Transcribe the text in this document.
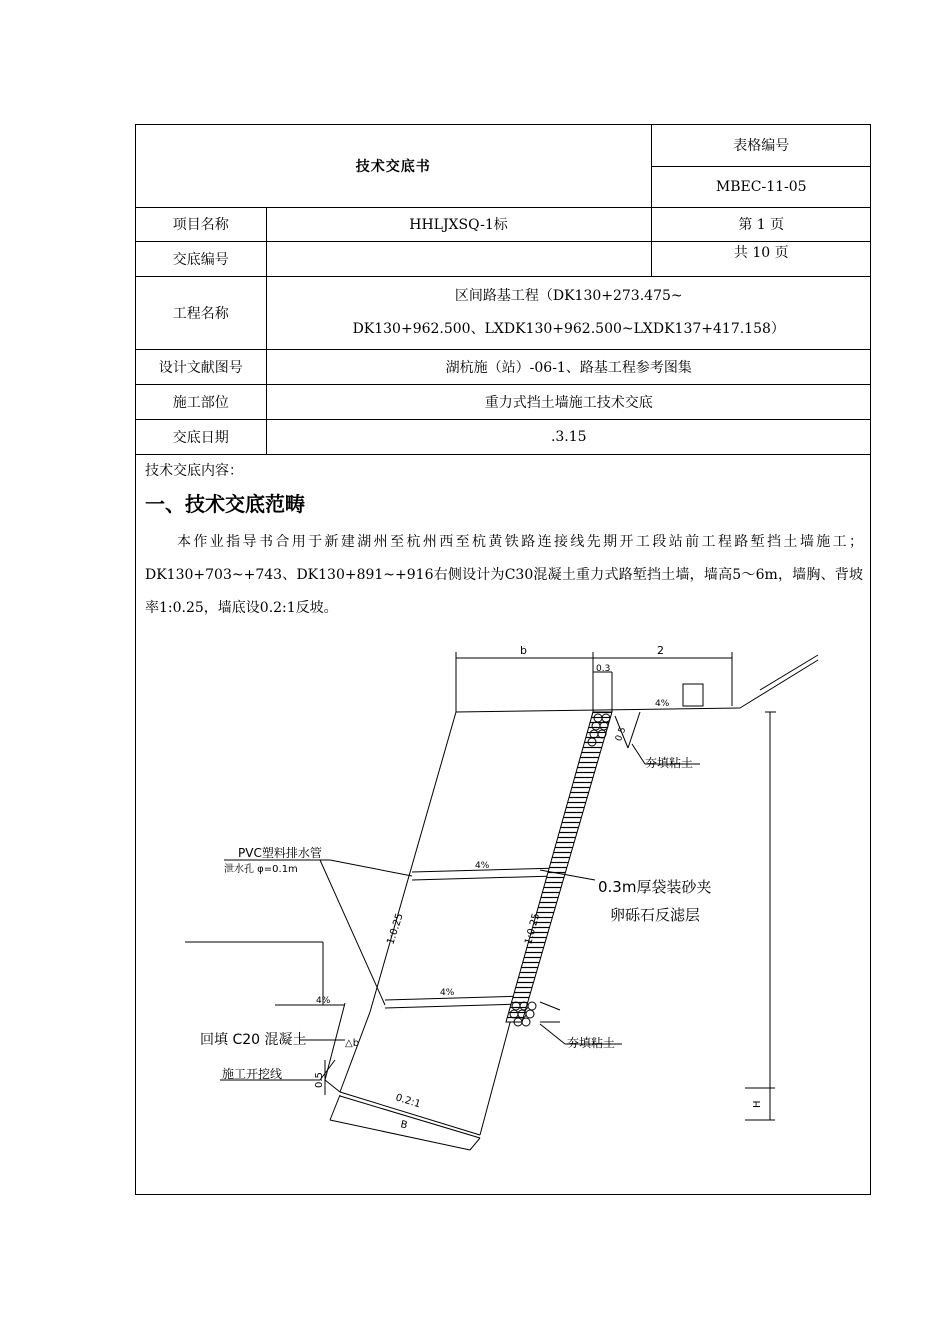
技术交底书		表格编号
		MBEC-11-05
项目名称	HHLJXSQ-1标	第 1 页
交底编号		共 10 页
工程名称	区间路基工程（DK130+273.475~
DK130+962.500、LXDK130+962.500~LXDK137+417.158）	

设计文献图号	湖杭施（站）-06-1、路基工程参考图集	
施工部位	重力式挡土墙施工技术交底	
交底日期	.3.15	
技术交底内容：
一、技术交底范畴
本作业指导书合用于新建湖州至杭州西至杭黄铁路连接线先期开工段站前工程路堑挡土墙施工；DK130+703~+743、DK130+891~+916右侧设计为C30混凝土重力式路堑挡土墙，墙高5～6m，墙胸、背坡率1:0.25，墙底设0.2:1反坡。
b
0.3
2
4%
0.5
夯填粘土
PVC塑料排水管
泄水孔 φ=0.1m	4%
1:0.25	1:0.25
0.3m厚袋装砂夹
卵砾石反滤层
4%
4%
回填 C20 混凝土	△b	夯填粘土
施工开挖线	0.5
0.2:1
B
H
